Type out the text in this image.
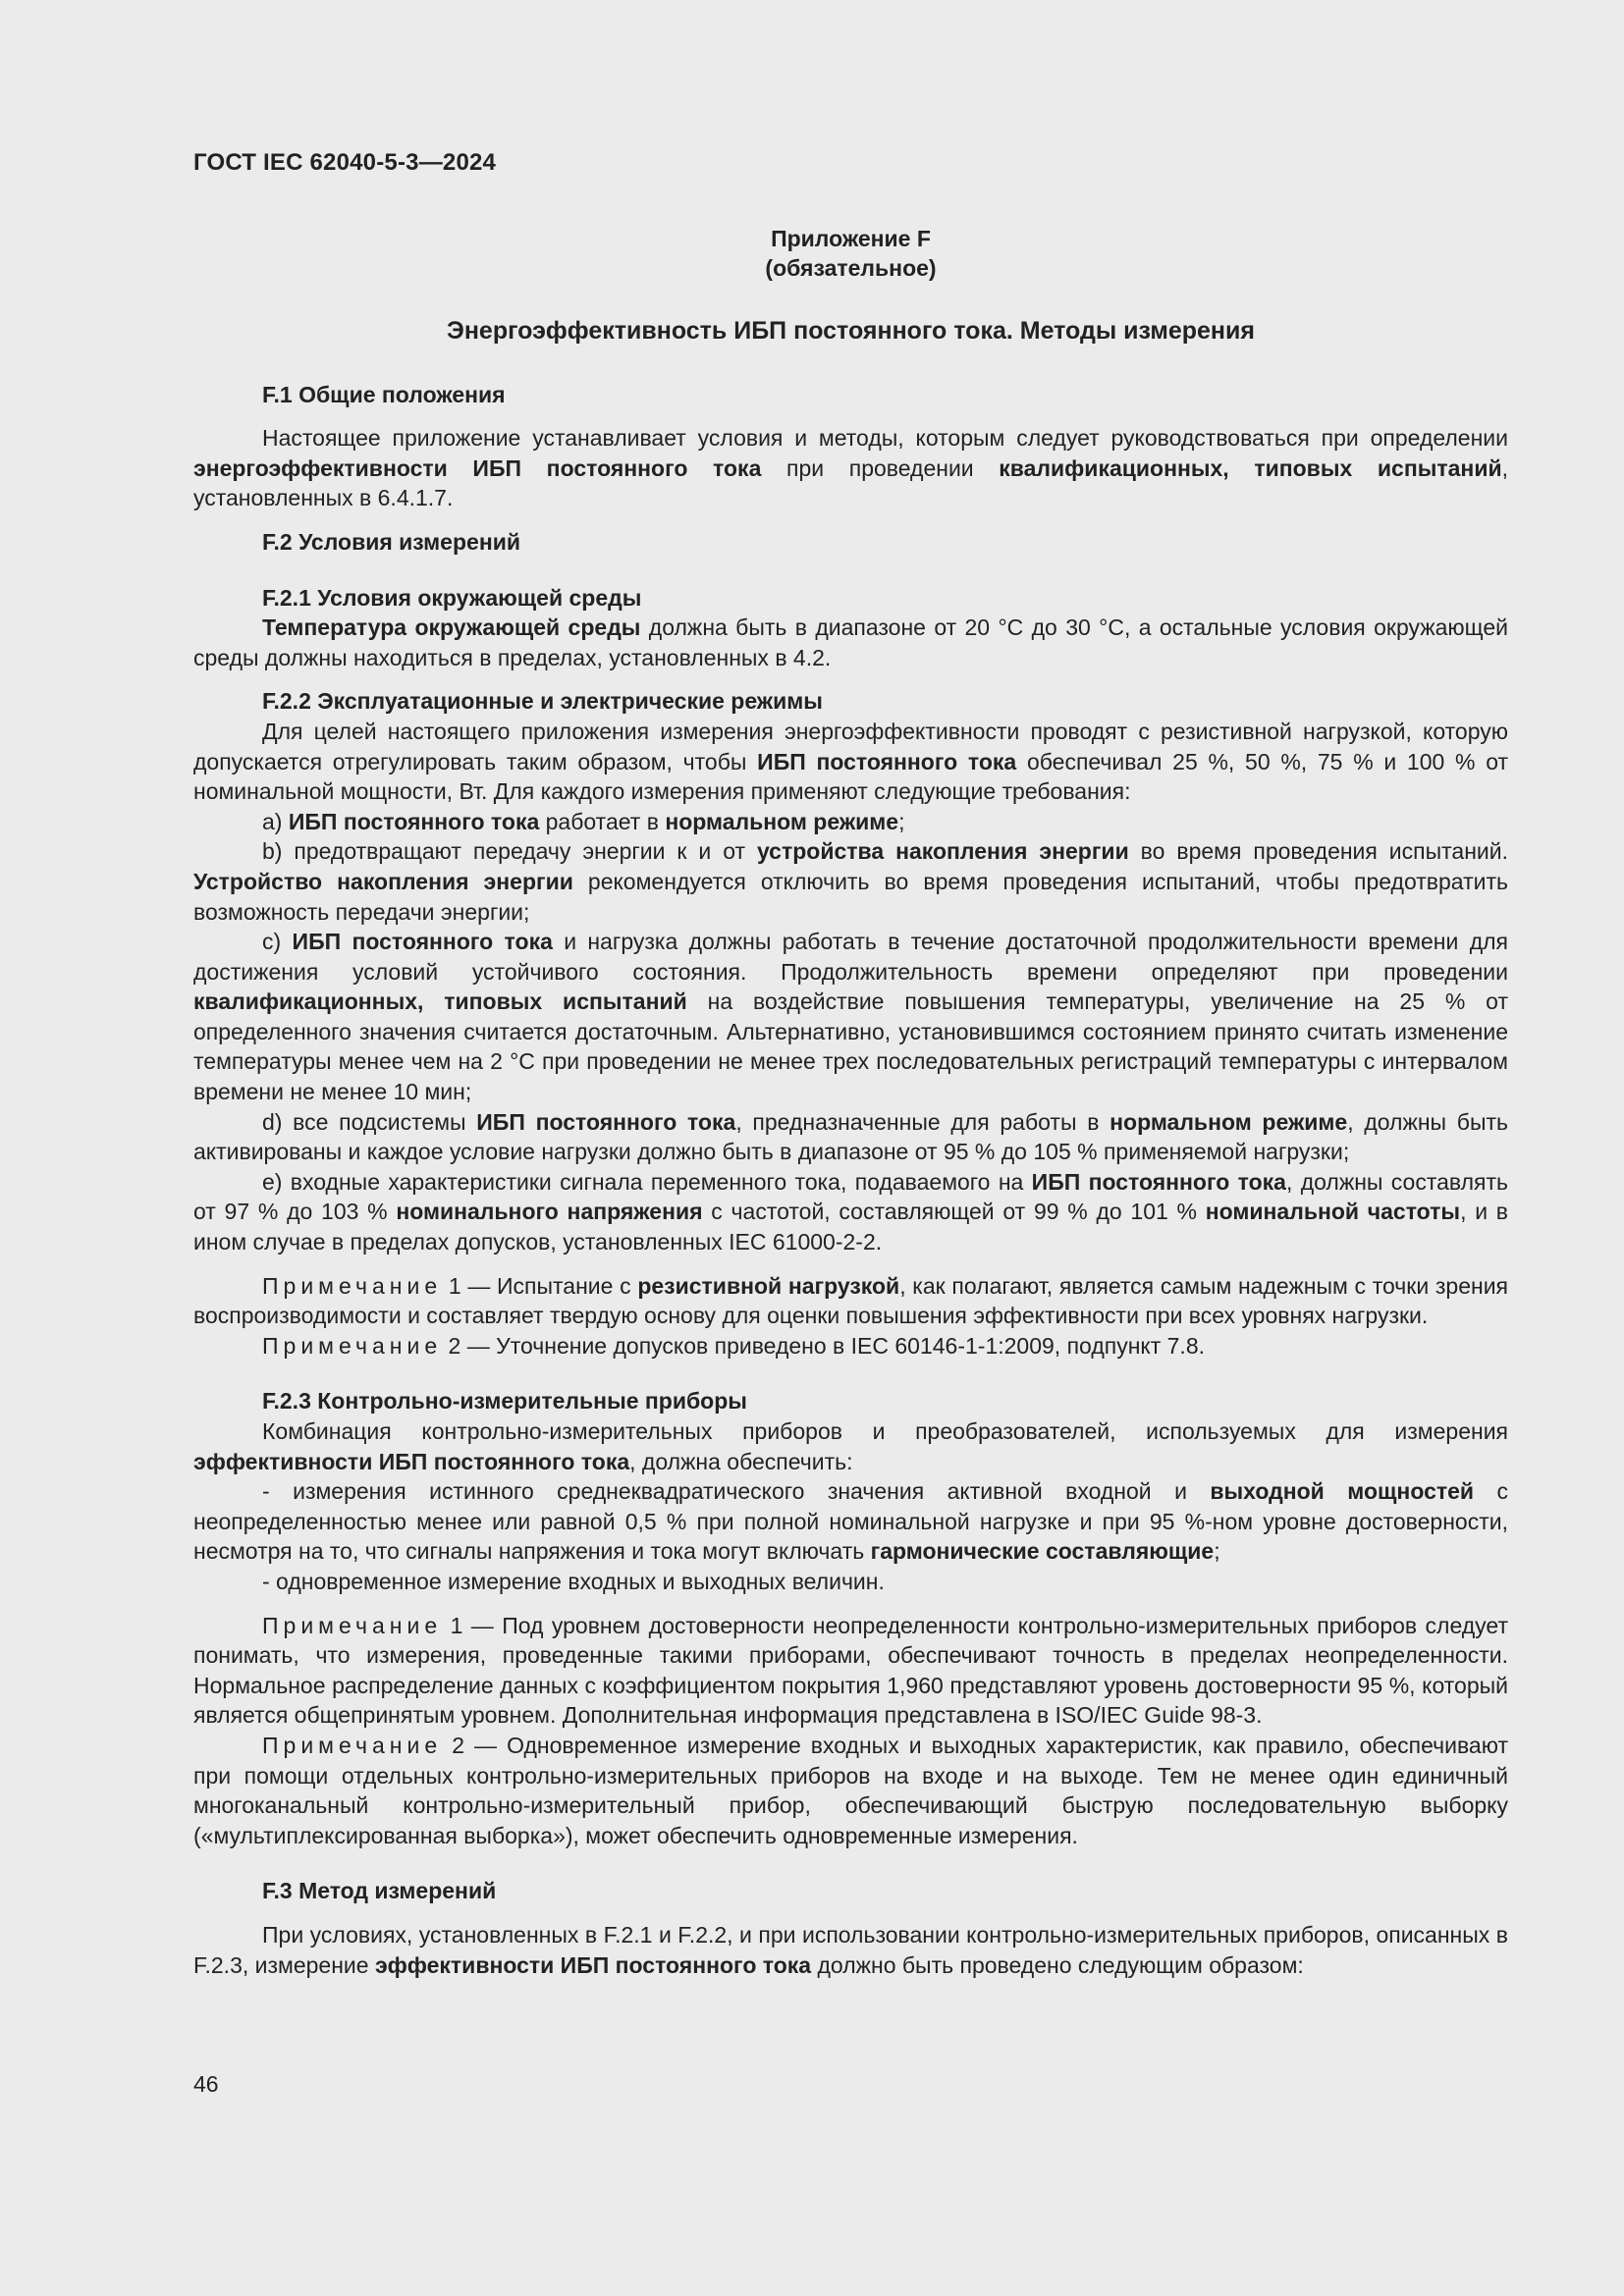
ГОСТ IEC 62040-5-3—2024
Приложение F
(обязательное)
Энергоэффективность ИБП постоянного тока. Методы измерения
F.1 Общие положения

Настоящее приложение устанавливает условия и методы, которым следует руководствоваться при определении энергоэффективности ИБП постоянного тока при проведении квалификационных, типовых испытаний, установленных в 6.4.1.7.

F.2 Условия измерений
F.2.1 Условия окружающей среды

Температура окружающей среды должна быть в диапазоне от 20 °С до 30 °С, а остальные условия окружающей среды должны находиться в пределах, установленных в 4.2.

F.2.2 Эксплуатационные и электрические режимы

Для целей настоящего приложения измерения энергоэффективности проводят с резистивной нагрузкой, которую допускается отрегулировать таким образом, чтобы ИБП постоянного тока обеспечивал 25 %, 50 %, 75 % и 100 % от номинальной мощности, Вт. Для каждого измерения применяют следующие требования:

a) ИБП постоянного тока работает в нормальном режиме;

b) предотвращают передачу энергии к и от устройства накопления энергии во время проведения испытаний. Устройство накопления энергии рекомендуется отключить во время проведения испытаний, чтобы предотвратить возможность передачи энергии;

c) ИБП постоянного тока и нагрузка должны работать в течение достаточной продолжительности времени для достижения условий устойчивого состояния. Продолжительность времени определяют при проведении квалификационных, типовых испытаний на воздействие повышения температуры, увеличение на 25 % от определенного значения считается достаточным. Альтернативно, установившимся состоянием принято считать изменение температуры менее чем на 2 °С при проведении не менее трех последовательных регистраций температуры с интервалом времени не менее 10 мин;

d) все подсистемы ИБП постоянного тока, предназначенные для работы в нормальном режиме, должны быть активированы и каждое условие нагрузки должно быть в диапазоне от 95 % до 105 % применяемой нагрузки;

e) входные характеристики сигнала переменного тока, подаваемого на ИБП постоянного тока, должны составлять от 97 % до 103 % номинального напряжения с частотой, составляющей от 99 % до 101 % номинальной частоты, и в ином случае в пределах допусков, установленных IEC 61000-2-2.

Примечание 1 — Испытание с резистивной нагрузкой, как полагают, является самым надежным с точки зрения воспроизводимости и составляет твердую основу для оценки повышения эффективности при всех уровнях нагрузки.

Примечание 2 — Уточнение допусков приведено в IEC 60146-1-1:2009, подпункт 7.8.

F.2.3 Контрольно-измерительные приборы

Комбинация контрольно-измерительных приборов и преобразователей, используемых для измерения эффективности ИБП постоянного тока, должна обеспечить:

- измерения истинного среднеквадратического значения активной входной и выходной мощностей с неопределенностью менее или равной 0,5 % при полной номинальной нагрузке и при 95 %-ном уровне достоверности, несмотря на то, что сигналы напряжения и тока могут включать гармонические составляющие;

- одновременное измерение входных и выходных величин.

Примечание 1 — Под уровнем достоверности неопределенности контрольно-измерительных приборов следует понимать, что измерения, проведенные такими приборами, обеспечивают точность в пределах неопределенности. Нормальное распределение данных с коэффициентом покрытия 1,960 представляют уровень достоверности 95 %, который является общепринятым уровнем. Дополнительная информация представлена в ISO/IEC Guide 98-3.

Примечание 2 — Одновременное измерение входных и выходных характеристик, как правило, обеспечивают при помощи отдельных контрольно-измерительных приборов на входе и на выходе. Тем не менее один единичный многоканальный контрольно-измерительный прибор, обеспечивающий быструю последовательную выборку («мультиплексированная выборка»), может обеспечить одновременные измерения.

F.3 Метод измерений

При условиях, установленных в F.2.1 и F.2.2, и при использовании контрольно-измерительных приборов, описанных в F.2.3, измерение эффективности ИБП постоянного тока должно быть проведено следующим образом:

46
